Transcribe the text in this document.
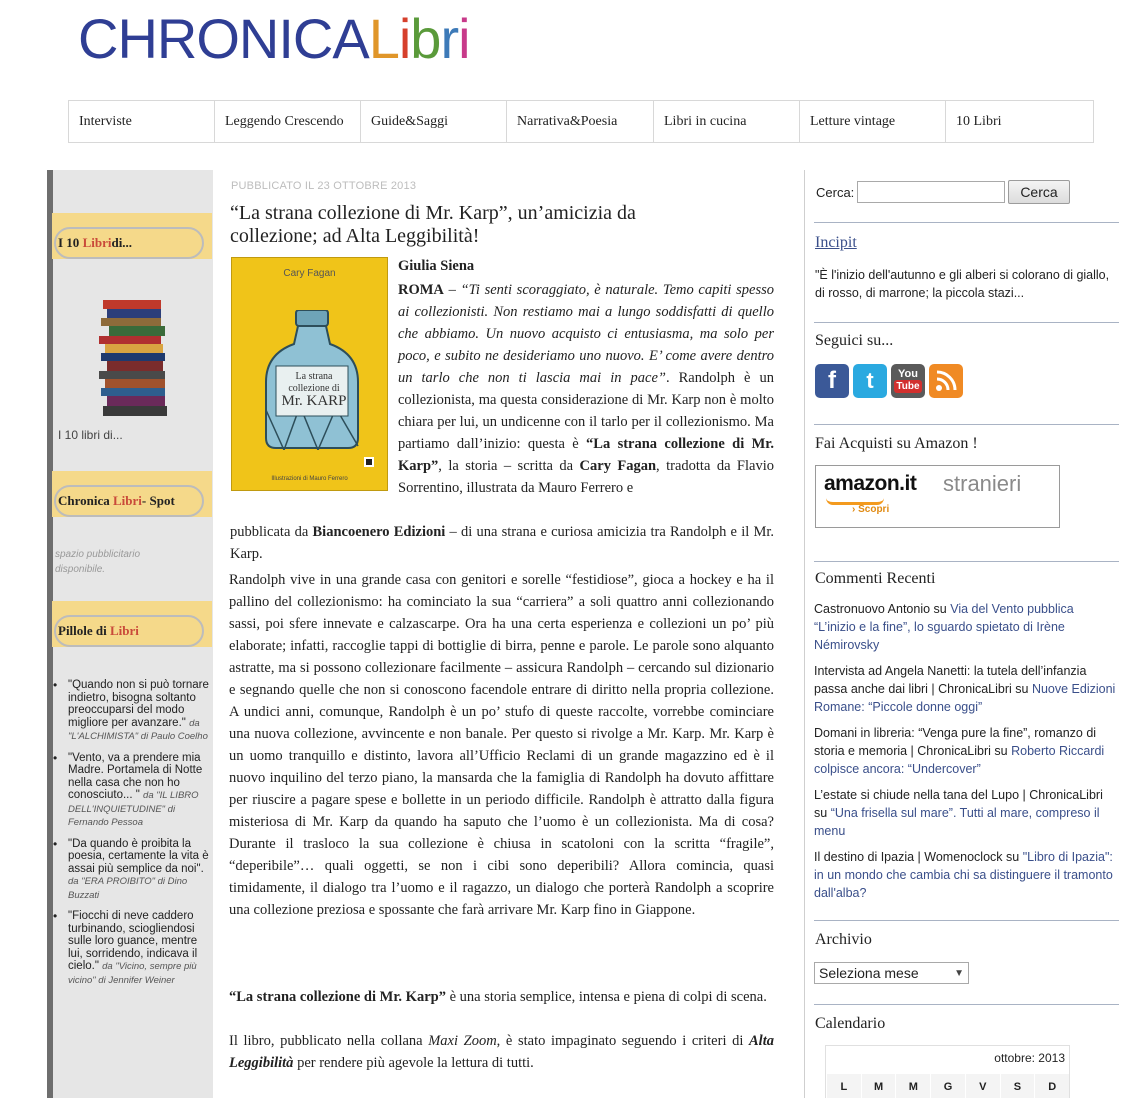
CHRONICALibri
Interviste	Leggendo Crescendo	Guide&Saggi	Narrativa&Poesia	Libri in cucina	Letture vintage	10 Libri
I 10
Libri di...
I 10 libri di...
Chronica
Libri - Spot
spazio pubblicitario disponibile.
Pillole di
Libri
• "Quando non si può tornare indietro, bisogna soltanto preoccuparsi del modo migliore per avanzare." da "L'ALCHIMISTA" di Paulo Coelho
• "Vento, va a prendere mia Madre. Portamela di Notte nella casa che non ho conosciuto... " da "IL LIBRO DELL'INQUIETUDINE" di Fernando Pessoa
• "Da quando è proibita la poesia, certamente la vita è assai più semplice da noi". da "ERA PROIBITO" di Dino Buzzati
• "Fiocchi di neve caddero turbinando, sciogliendosi sulle loro guance, mentre lui, sorridendo, indicava il cielo." da "Vicino, sempre più vicino" di Jennifer Weiner
PUBBLICATO IL 23 OTTOBRE 2013
“La strana collezione di Mr. Karp”, un’amicizia da collezione; ad Alta Leggibilità!
Cary Fagan
La strana collezione di
Mr. KARP
Illustrazioni di Mauro Ferrero
Giulia Siena
ROMA – “Ti senti scoraggiato, è naturale. Temo capiti spesso ai collezionisti. Non restiamo mai a lungo soddisfatti di quello che abbiamo. Un nuovo acquisto ci entusiasma, ma solo per poco, e subito ne desideriamo uno nuovo. E’ come avere dentro un tarlo che non ti lascia mai in pace”. Randolph è un collezionista, ma questa considerazione di Mr. Karp non è molto chiara per lui, un undicenne con il tarlo per il collezionismo. Ma partiamo dall’inizio: questa è “La strana collezione di Mr. Karp”, la storia – scritta da Cary Fagan, tradotta da Flavio Sorrentino, illustrata da Mauro Ferrero e
pubblicata da Biancoenero Edizioni – di una strana e curiosa amicizia tra Randolph e il Mr. Karp.
Randolph vive in una grande casa con genitori e sorelle “festidiose”, gioca a hockey e ha il pallino del collezionismo: ha cominciato la sua “carriera” a soli quattro anni collezionando sassi, poi sfere innevate e calzascarpe. Ora ha una certa esperienza e collezioni un po’ più elaborate; infatti, raccoglie tappi di bottiglie di birra, penne e parole. Le parole sono alquanto astratte, ma si possono collezionare facilmente – assicura Randolph – cercando sul dizionario e segnando quelle che non si conoscono facendole entrare di diritto nella propria collezione. A undici anni, comunque, Randolph è un po’ stufo di queste raccolte, vorrebbe cominciare una nuova collezione, avvincente e non banale. Per questo si rivolge a Mr. Karp. Mr. Karp è un uomo tranquillo e distinto, lavora all’Ufficio Reclami di un grande magazzino ed è il nuovo inquilino del terzo piano, la mansarda che la famiglia di Randolph ha dovuto affittare per riuscire a pagare spese e bollette in un periodo difficile. Randolph è attratto dalla figura misteriosa di Mr. Karp da quando ha saputo che l’uomo è un collezionista. Ma di cosa? Durante il trasloco la sua collezione è chiusa in scatoloni con la scritta “fragile”, “deperibile”… quali oggetti, se non i cibi sono deperibili? Allora comincia, quasi timidamente, il dialogo tra l’uomo e il ragazzo, un dialogo che porterà Randolph a scoprire una collezione preziosa e spossante che farà arrivare Mr. Karp fino in Giappone.
“La strana collezione di Mr. Karp” è una storia semplice, intensa e piena di colpi di scena.
Il libro, pubblicato nella collana Maxi Zoom, è stato impaginato seguendo i criteri di Alta Leggibilità per rendere più agevole la lettura di tutti.
Cerca:	Cerca
Incipit
"È l'inizio dell'autunno e gli alberi si colorano di giallo, di rosso, di marrone; la piccola stazi...
Seguici su...
f	t You
Tube
Fai Acquisti su Amazon !
amazon.it
› Scopri
stranieri
Commenti Recenti
Castronuovo Antonio su Via del Vento pubblica “L’inizio e la fine”, lo sguardo spietato di Irène Némirovsky
Intervista ad Angela Nanetti: la tutela dell’infanzia passa anche dai libri | ChronicaLibri su Nuove Edizioni Romane: “Piccole donne oggi”
Domani in libreria: “Venga pure la fine”, romanzo di storia e memoria | ChronicaLibri su Roberto Riccardi colpisce ancora: “Undercover”
L’estate si chiude nella tana del Lupo | ChronicaLibri su “Una frisella sul mare”. Tutti al mare, compreso il menu
Il destino di Ipazia | Womenoclock su "Libro di Ipazia": in un mondo che cambia chi sa distinguere il tramonto dall'alba?
Archivio
Seleziona mese	▼
Calendario
ottobre: 2013
L	M	M	G	V	S	D
